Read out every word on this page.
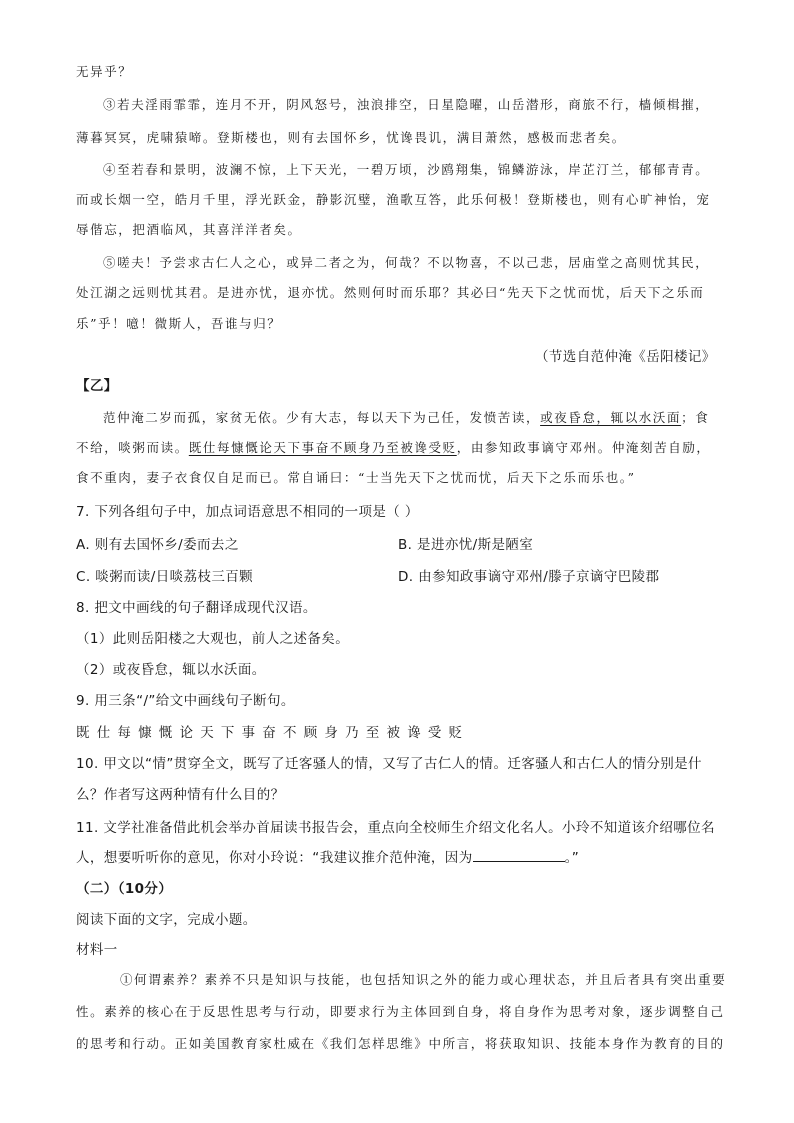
无异乎？
③若夫淫雨霏霏，连月不开，阴风怒号，浊浪排空，日星隐曜，山岳潜形，商旅不行，樯倾楫摧，
薄暮冥冥，虎啸猿啼。登斯楼也，则有去国怀乡，忧谗畏讥，满目萧然，感极而悲者矣。
④至若春和景明，波澜不惊，上下天光，一碧万顷，沙鸥翔集，锦鳞游泳，岸芷汀兰，郁郁青青。
而或长烟一空，皓月千里，浮光跃金，静影沉璧，渔歌互答，此乐何极！登斯楼也，则有心旷神怡，宠
辱偕忘，把酒临风，其喜洋洋者矣。
⑤嗟夫！予尝求古仁人之心，或异二者之为，何哉？不以物喜，不以己悲，居庙堂之高则忧其民，
处江湖之远则忧其君。是进亦忧，退亦忧。然则何时而乐耶？其必曰“先天下之忧而忧，后天下之乐而
乐”乎！噫！微斯人，吾谁与归？
（节选自范仲淹《岳阳楼记》
【乙】
范仲淹二岁而孤，家贫无依。少有大志，每以天下为己任，发愤苦读，或夜昏怠，辄以水沃面；食
不给，啖粥而读。既仕每慷慨论天下事奋不顾身乃至被谗受贬，由参知政事谪守邓州。仲淹刻苦自励，
食不重肉，妻子衣食仅自足而已。常自诵曰：“士当先天下之忧而忧，后天下之乐而乐也。”
7. 下列各组句子中，加点词语意思不相同的一项是（ ）
A. 则有去国怀乡/委而去之	B. 是进亦忧/斯是陋室
C. 啖粥而读/日啖荔枝三百颗	D. 由参知政事谪守邓州/滕子京谪守巴陵郡
8. 把文中画线的句子翻译成现代汉语。
（1）此则岳阳楼之大观也，前人之述备矣。
（2）或夜昏怠，辄以水沃面。
9. 用三条“/”给文中画线句子断句。
既仕每慷慨论天下事奋不顾身乃至被谗受贬
10. 甲文以“情”贯穿全文，既写了迁客骚人的情，又写了古仁人的情。迁客骚人和古仁人的情分别是什
么？作者写这两种情有什么目的？
11. 文学社准备借此机会举办首届读书报告会，重点向全校师生介绍文化名人。小玲不知道该介绍哪位名
人，想要听听你的意见，你对小玲说：“我建议推介范仲淹，因为	。”
（二）（10分）
阅读下面的文字，完成小题。
材料一
①何谓素养？素养不只是知识与技能，也包括知识之外的能力或心理状态，并且后者具有突出重要
性。素养的核心在于反思性思考与行动，即要求行为主体回到自身，将自身作为思考对象，逐步调整自己
的思考和行动。正如美国教育家杜威在《我们怎样思维》中所言，将获取知识、技能本身作为教育的目的
